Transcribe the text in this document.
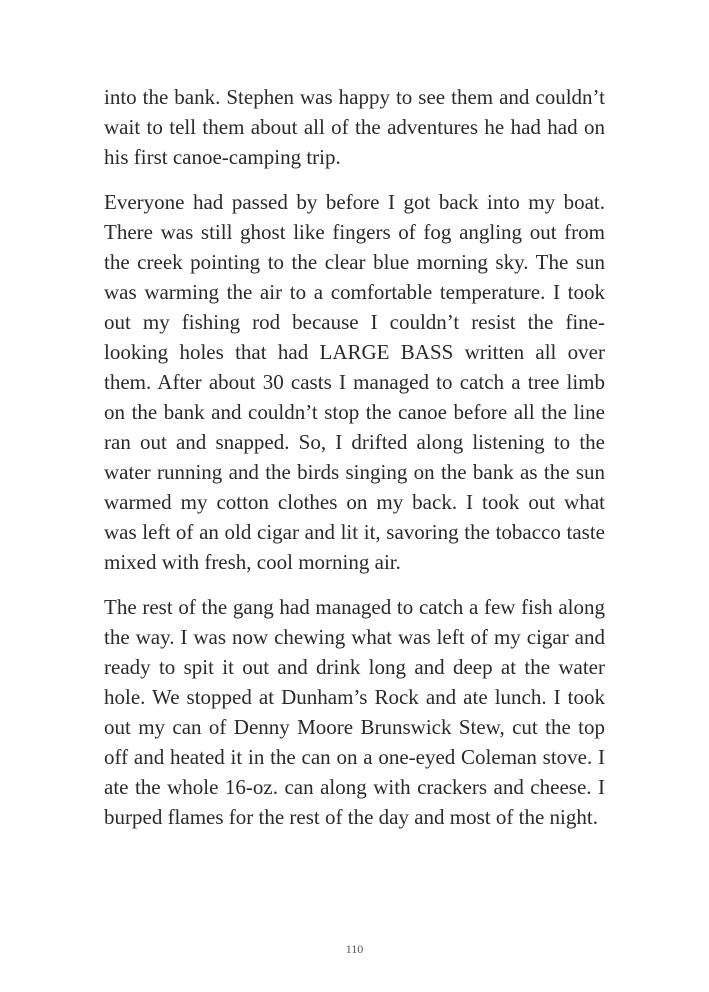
into the bank. Stephen was happy to see them and couldn’t wait to tell them about all of the adventures he had had on his first canoe-camping trip.

Everyone had passed by before I got back into my boat. There was still ghost like fingers of fog angling out from the creek pointing to the clear blue morning sky. The sun was warming the air to a comfortable temperature. I took out my fishing rod because I couldn’t resist the fine-looking holes that had LARGE BASS written all over them. After about 30 casts I managed to catch a tree limb on the bank and couldn’t stop the canoe before all the line ran out and snapped. So, I drifted along listening to the water running and the birds singing on the bank as the sun warmed my cotton clothes on my back. I took out what was left of an old cigar and lit it, savoring the tobacco taste mixed with fresh, cool morning air.

The rest of the gang had managed to catch a few fish along the way. I was now chewing what was left of my cigar and ready to spit it out and drink long and deep at the water hole. We stopped at Dunham’s Rock and ate lunch. I took out my can of Denny Moore Brunswick Stew, cut the top off and heated it in the can on a one-eyed Coleman stove. I ate the whole 16-oz. can along with crackers and cheese. I burped flames for the rest of the day and most of the night.

110
